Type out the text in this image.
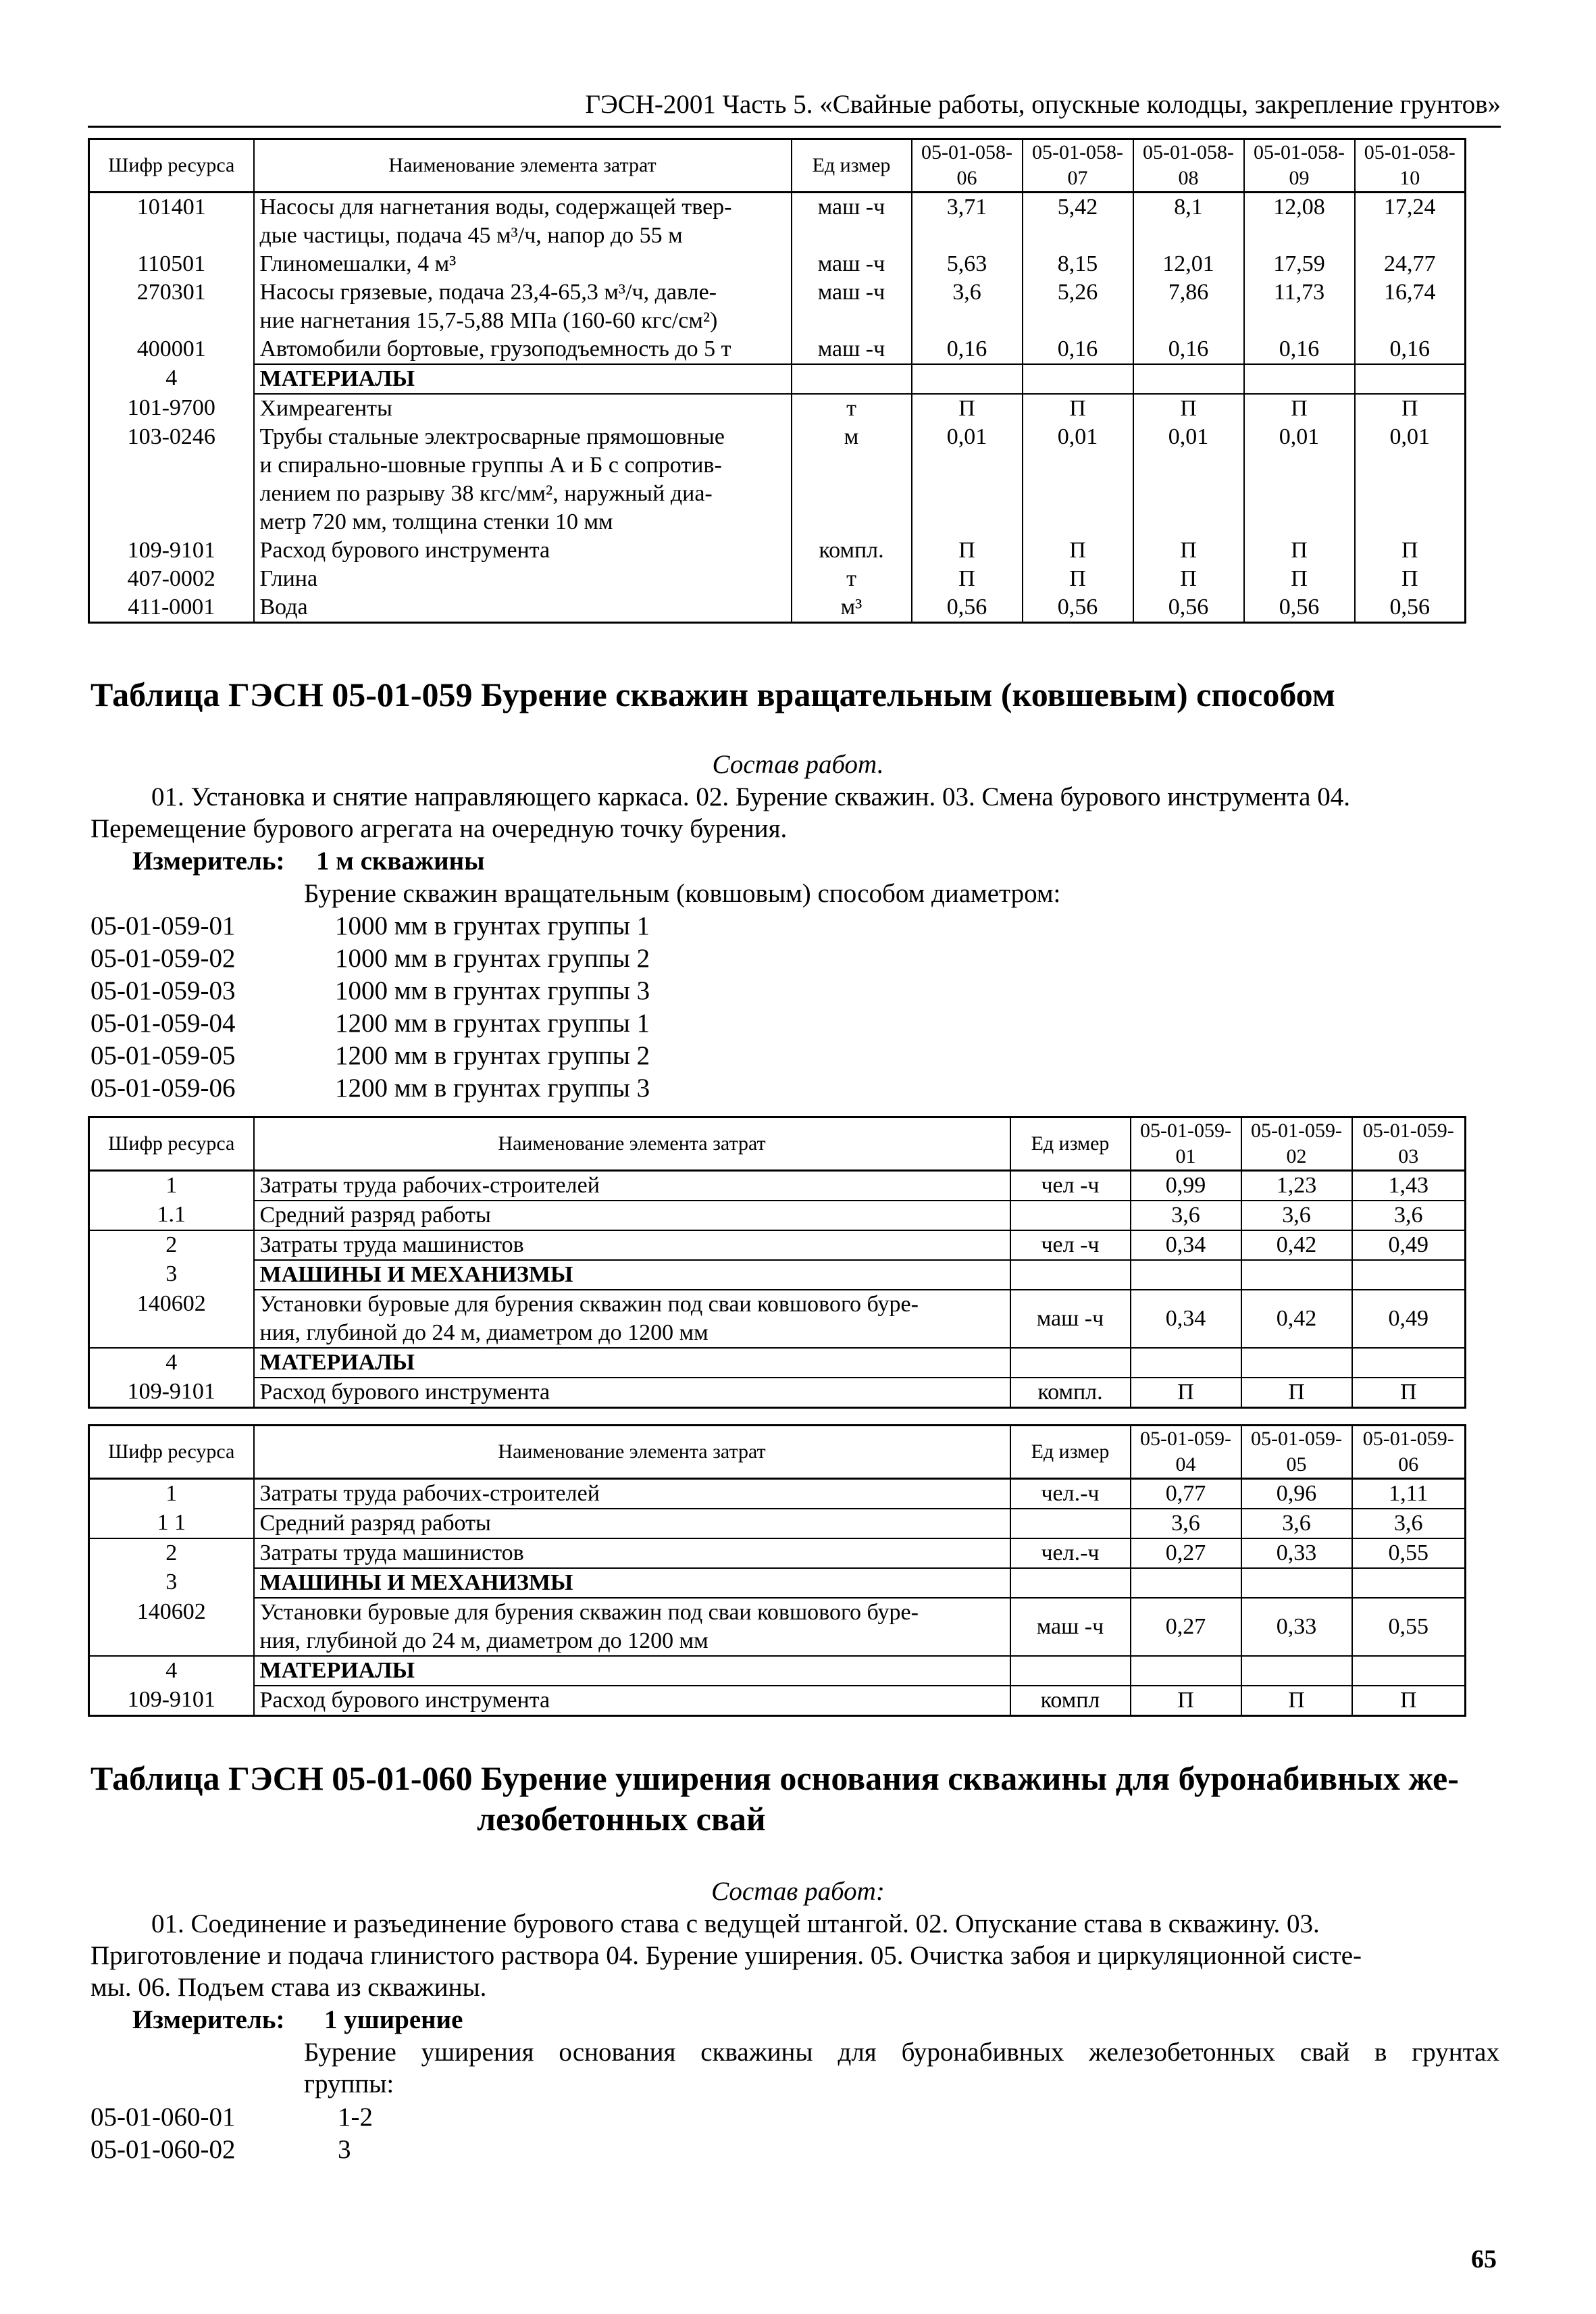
ГЭСН-2001 Часть 5. «Свайные работы, опускные колодцы, закрепление грунтов»
Шифр ресурса	Наименование элемента затрат	Ед измер	05-01-058-06	05-01-058-07	05-01-058-08	05-01-058-09	05-01-058-10
101401	Насосы для нагнетания воды, содержащей твер-
дые частицы, подача 45 м³/ч, напор до 55 м	маш -ч	3,71	5,42	8,1	12,08	17,24
110501	Глиномешалки, 4 м³	маш -ч	5,63	8,15	12,01	17,59	24,77
270301	Насосы грязевые, подача 23,4-65,3 м³/ч, давле-
ние нагнетания 15,7-5,88 МПа (160-60 кгс/см²)	маш -ч	3,6	5,26	7,86	11,73	16,74
400001	Автомобили бортовые, грузоподъемность до 5 т	маш -ч	0,16	0,16	0,16	0,16	0,16
4	МАТЕРИАЛЫ						
101-9700	Химреагенты	т	П	П	П	П	П
103-0246	Трубы стальные электросварные прямошовные
и спирально-шовные группы А и Б с сопротив-
лением по разрыву 38 кгс/мм², наружный диа-
метр 720 мм, толщина стенки 10 мм	м	0,01	0,01	0,01	0,01	0,01
109-9101	Расход бурового инструмента	компл.	П	П	П	П	П
407-0002	Глина	т	П	П	П	П	П
411-0001	Вода	м³	0,56	0,56	0,56	0,56	0,56
Таблица ГЭСН 05-01-059 Бурение скважин вращательным (ковшевым) способом
Состав работ.
01. Установка и снятие направляющего каркаса. 02. Бурение скважин. 03. Смена бурового инструмента 04.
Перемещение бурового агрегата на очередную точку бурения.
Измеритель: 1 м скважины
Бурение скважин вращательным (ковшовым) способом диаметром:
05-01-059-01	1000 мм в грунтах группы 1
05-01-059-02	1000 мм в грунтах группы 2
05-01-059-03	1000 мм в грунтах группы 3
05-01-059-04	1200 мм в грунтах группы 1
05-01-059-05	1200 мм в грунтах группы 2
05-01-059-06	1200 мм в грунтах группы 3
Шифр ресурса	Наименование элемента затрат	Ед измер	05-01-059-01	05-01-059-02	05-01-059-03
1	Затраты труда рабочих-строителей	чел -ч	0,99	1,23	1,43
1.1	Средний разряд работы		3,6	3,6	3,6
2	Затраты труда машинистов	чел -ч	0,34	0,42	0,49
3	МАШИНЫ И МЕХАНИЗМЫ				
140602	Установки буровые для бурения скважин под сваи ковшового буре-
ния, глубиной до 24 м, диаметром до 1200 мм	маш -ч	0,34	0,42	0,49
4	МАТЕРИАЛЫ				
109-9101	Расход бурового инструмента	компл.	П	П	П
Шифр ресурса	Наименование элемента затрат	Ед измер	05-01-059-04	05-01-059-05	05-01-059-06
1	Затраты труда рабочих-строителей	чел.-ч	0,77	0,96	1,11
1 1	Средний разряд работы		3,6	3,6	3,6
2	Затраты труда машинистов	чел.-ч	0,27	0,33	0,55
3	МАШИНЫ И МЕХАНИЗМЫ				
140602	Установки буровые для бурения скважин под сваи ковшового буре-
ния, глубиной до 24 м, диаметром до 1200 мм	маш -ч	0,27	0,33	0,55
4	МАТЕРИАЛЫ				
109-9101	Расход бурового инструмента	компл	П	П	П
Таблица ГЭСН 05-01-060 Бурение уширения основания скважины для буронабивных же-
лезобетонных свай
Состав работ:
01. Соединение и разъединение бурового става с ведущей штангой. 02. Опускание става в скважину. 03.
Приготовление и подача глинистого раствора 04. Бурение уширения. 05. Очистка забоя и циркуляционной систе-
мы. 06. Подъем става из скважины.
Измеритель: 1 уширение
Бурение уширения основания скважины для буронабивных железобетонных свай в грунтах
группы:
05-01-060-01	1-2
05-01-060-02	3
65
